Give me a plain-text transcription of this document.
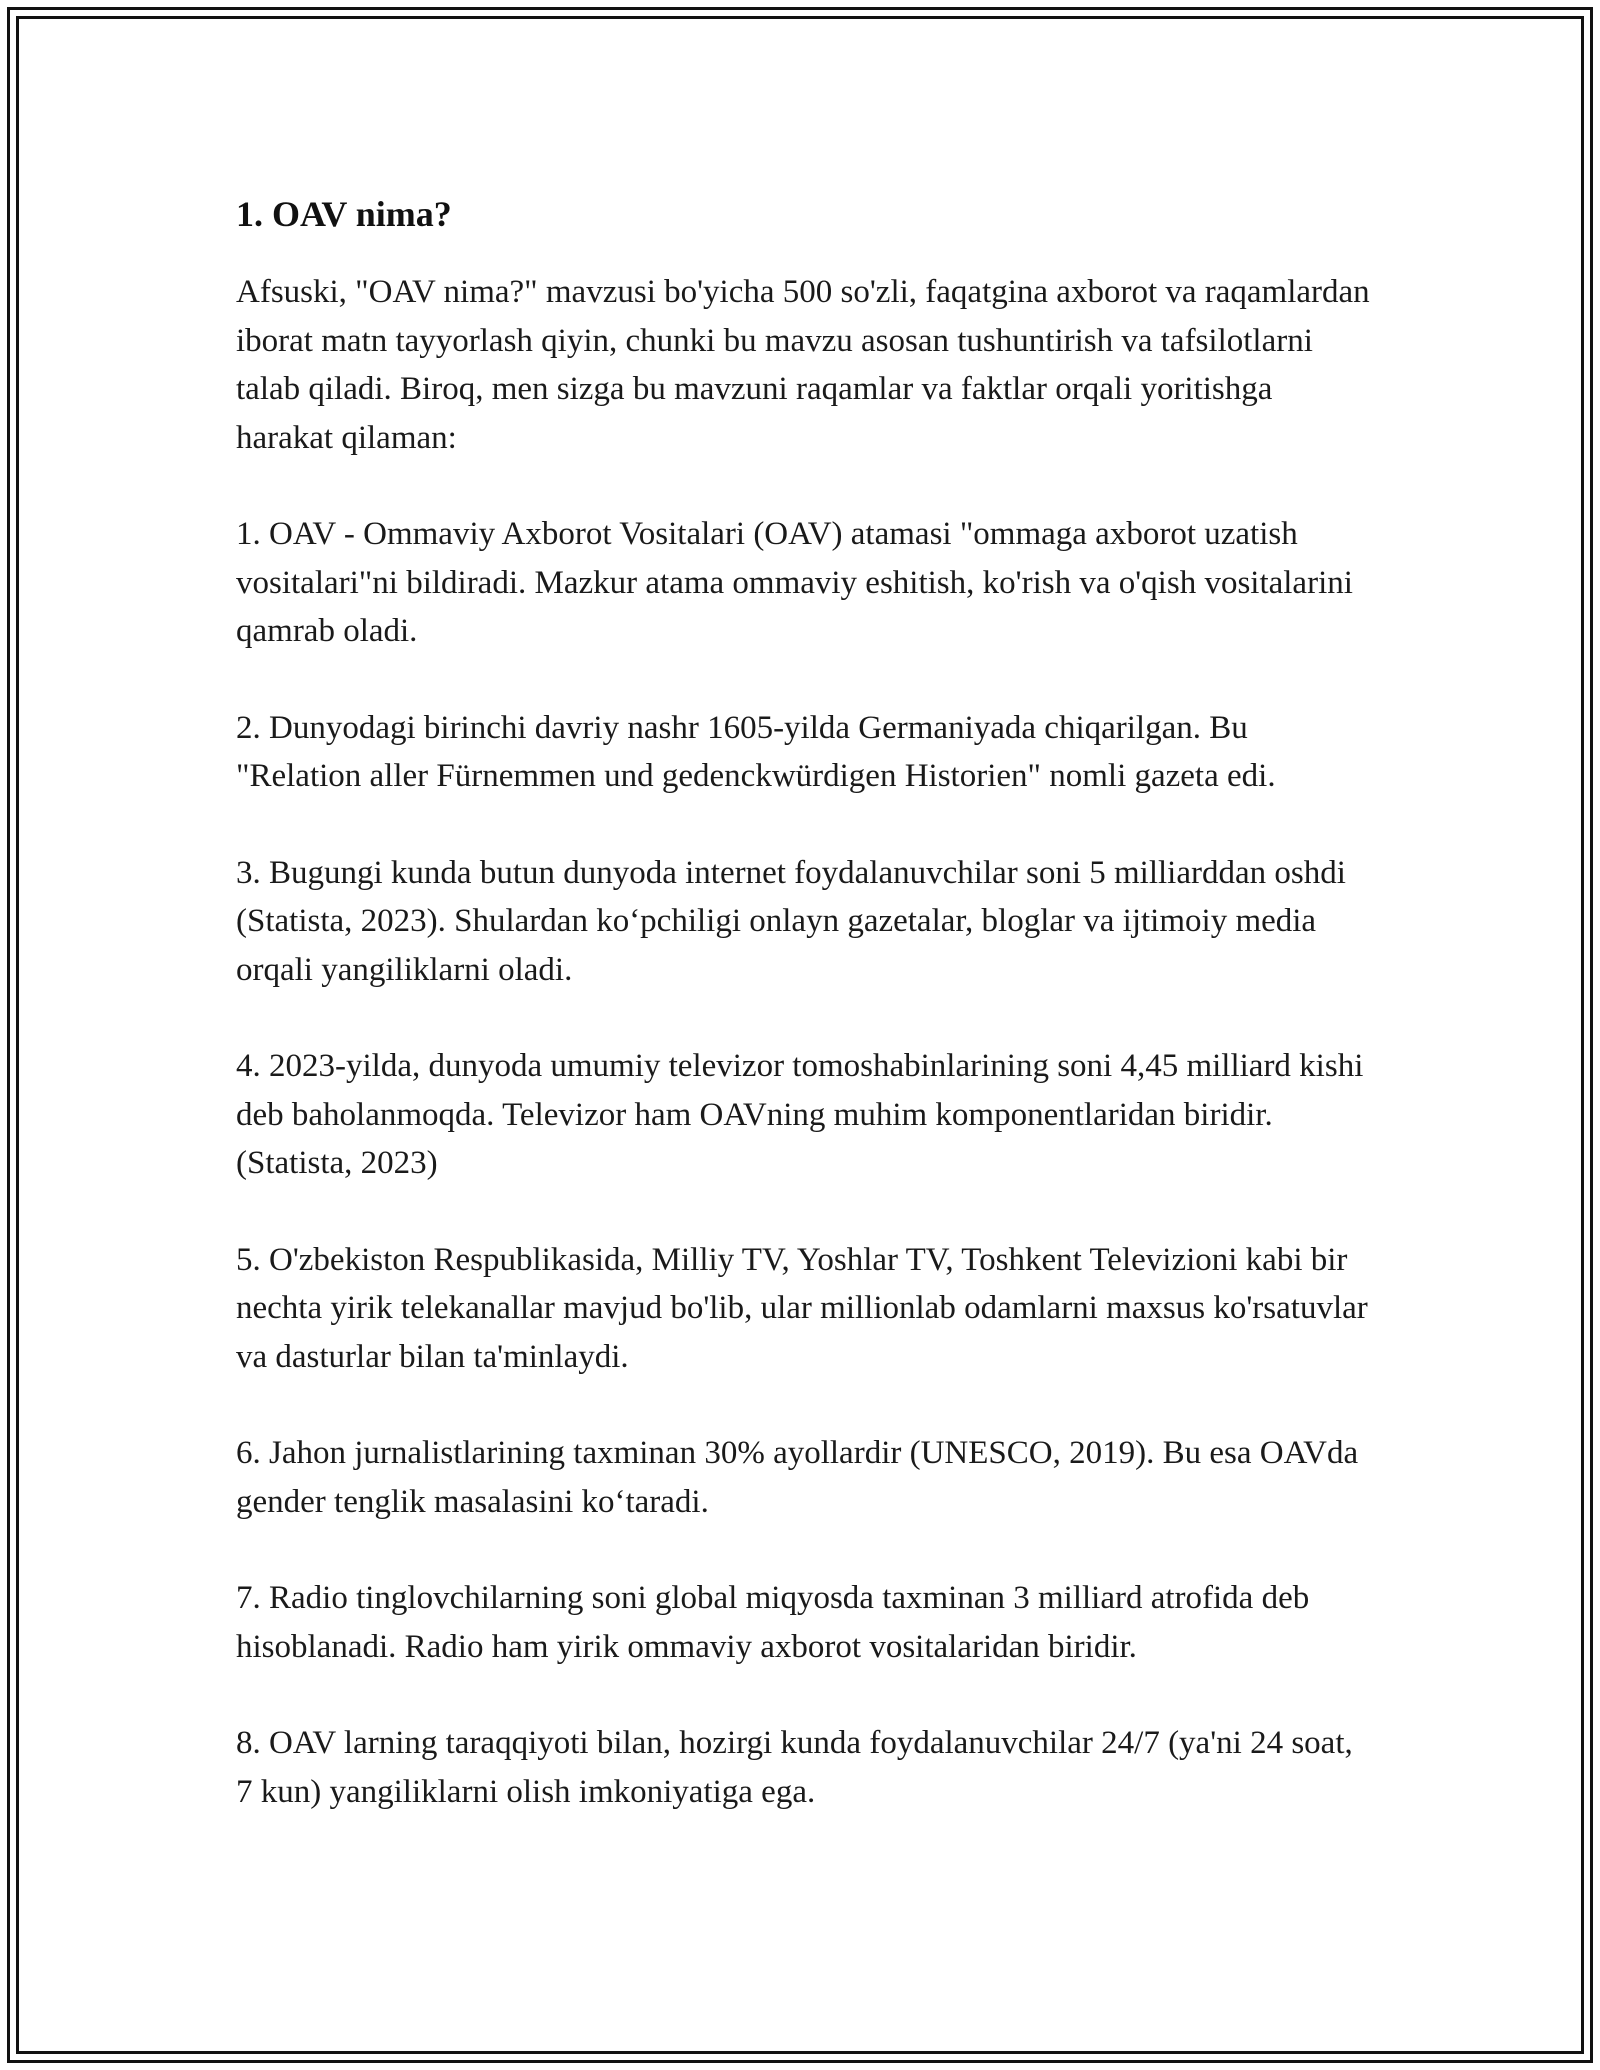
1. OAV nima?

Afsuski, "OAV nima?" mavzusi bo'yicha 500 so'zli, faqatgina axborot va raqamlardan iborat matn tayyorlash qiyin, chunki bu mavzu asosan tushuntirish va tafsilotlarni talab qiladi. Biroq, men sizga bu mavzuni raqamlar va faktlar orqali yoritishga harakat qilaman:

1. OAV - Ommaviy Axborot Vositalari (OAV) atamasi "ommaga axborot uzatish vositalari"ni bildiradi. Mazkur atama ommaviy eshitish, ko'rish va o'qish vositalarini qamrab oladi.

2. Dunyodagi birinchi davriy nashr 1605-yilda Germaniyada chiqarilgan. Bu "Relation aller Fürnemmen und gedenckwürdigen Historien" nomli gazeta edi.

3. Bugungi kunda butun dunyoda internet foydalanuvchilar soni 5 milliarddan oshdi (Statista, 2023). Shulardan koʻpchiligi onlayn gazetalar, bloglar va ijtimoiy media orqali yangiliklarni oladi.

4. 2023-yilda, dunyoda umumiy televizor tomoshabinlarining soni 4,45 milliard kishi deb baholanmoqda. Televizor ham OAVning muhim komponentlaridan biridir. (Statista, 2023)

5. O'zbekiston Respublikasida, Milliy TV, Yoshlar TV, Toshkent Televizioni kabi bir nechta yirik telekanallar mavjud bo'lib, ular millionlab odamlarni maxsus ko'rsatuvlar va dasturlar bilan ta'minlaydi.

6. Jahon jurnalistlarining taxminan 30% ayollardir (UNESCO, 2019). Bu esa OAVda gender tenglik masalasini koʻtaradi.

7. Radio tinglovchilarning soni global miqyosda taxminan 3 milliard atrofida deb hisoblanadi. Radio ham yirik ommaviy axborot vositalaridan biridir.

8. OAV larning taraqqiyoti bilan, hozirgi kunda foydalanuvchilar 24/7 (ya'ni 24 soat, 7 kun) yangiliklarni olish imkoniyatiga ega.
